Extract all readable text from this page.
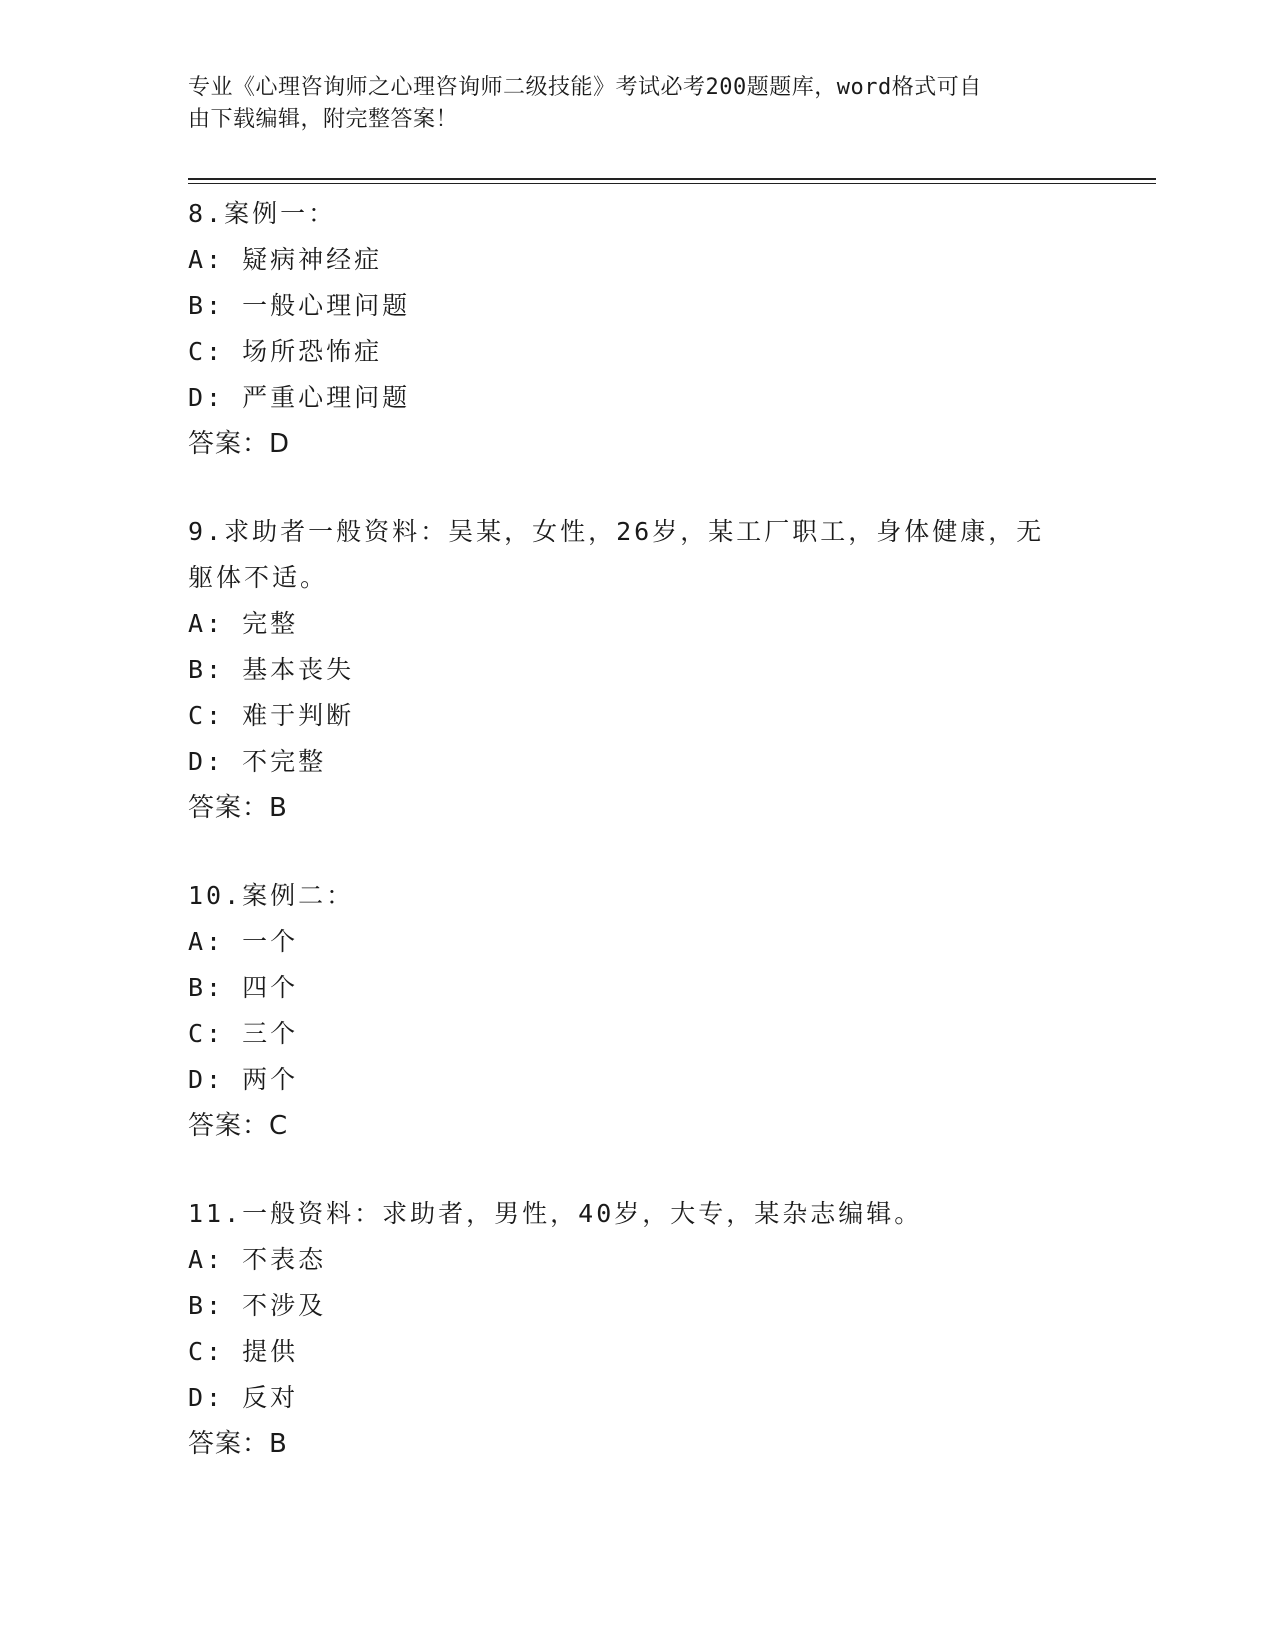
专业《心理咨询师之心理咨询师二级技能》考试必考200题题库，word格式可自

由下载编辑，附完整答案！

8.案例一：
A: 疑病神经症
B: 一般心理问题
C: 场所恐怖症
D: 严重心理问题
答案：D
9.求助者一般资料：吴某，女性，26岁，某工厂职工，身体健康，无
躯体不适。
A: 完整
B: 基本丧失
C: 难于判断
D: 不完整
答案：B
10.案例二：
A: 一个
B: 四个
C: 三个
D: 两个
答案：C
11.一般资料：求助者，男性，40岁，大专，某杂志编辑。
A: 不表态
B: 不涉及
C: 提供
D: 反对
答案：B
